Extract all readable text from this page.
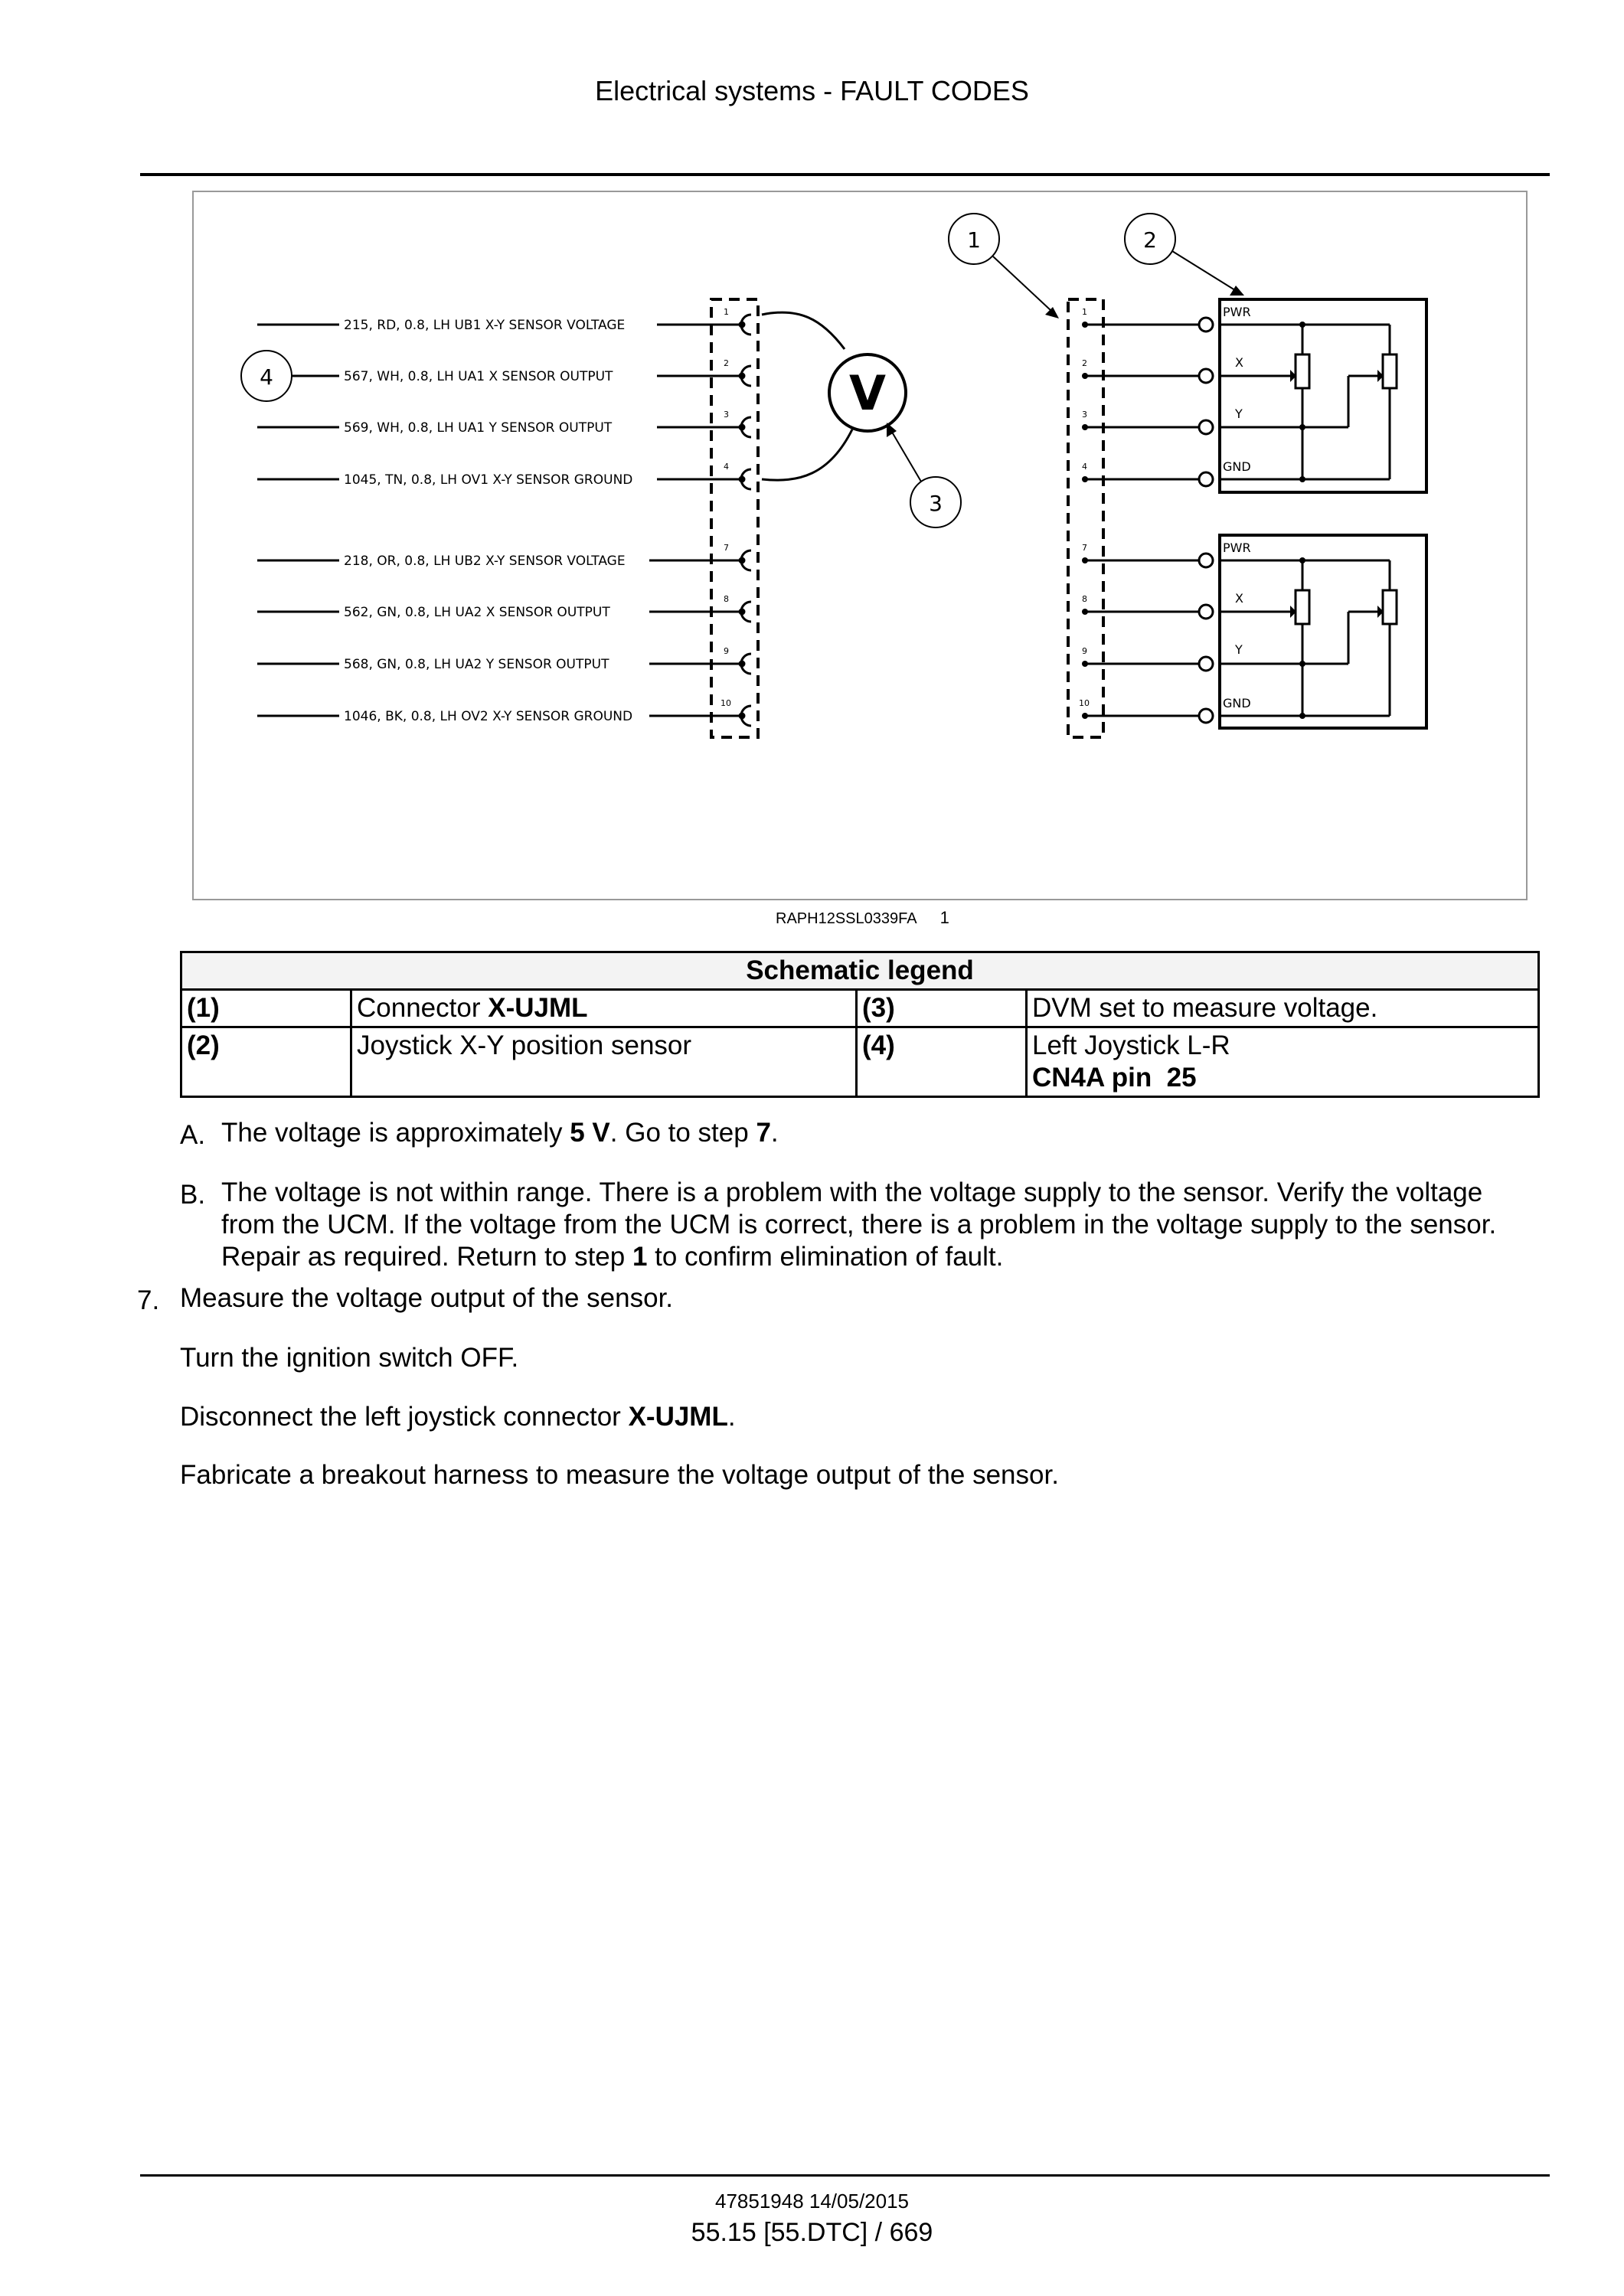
Electrical systems - FAULT CODES
215, RD, 0.8, LH UB1 X-Y SENSOR VOLTAGE
567, WH, 0.8, LH UA1 X SENSOR OUTPUT
569, WH, 0.8, LH UA1 Y SENSOR OUTPUT
1045, TN, 0.8, LH OV1 X-Y SENSOR GROUND
218, OR, 0.8, LH UB2 X-Y SENSOR VOLTAGE
562, GN, 0.8, LH UA2 X SENSOR OUTPUT
568, GN, 0.8, LH UA2 Y SENSOR OUTPUT
1046, BK, 0.8, LH OV2 X-Y SENSOR GROUND
1
2
3
4
7
8
9
10
V
3
4
1
2
3
4
7
8
9
10
PWR
X
Y
GND
PWR
X
Y
GND
1	2
RAPH12SSL0339FA 1
Schematic legend			
(1)	Connector X-UJML	(3)	DVM set to measure voltage.
(2)	Joystick X-Y position sensor	(4)	Left Joystick L-R
CN4A pin  25
A. The voltage is approximately 5 V. Go to step 7.
B. The voltage is not within range. There is a problem with the voltage supply to the sensor. Verify the voltage
from the UCM. If the voltage from the UCM is correct, there is a problem in the voltage supply to the sensor.
Repair as required. Return to step 1 to confirm elimination of fault.
7. Measure the voltage output of the sensor.
Turn the ignition switch OFF.
Disconnect the left joystick connector X-UJML.
Fabricate a breakout harness to measure the voltage output of the sensor.
47851948 14/05/2015
55.15 [55.DTC] / 669
